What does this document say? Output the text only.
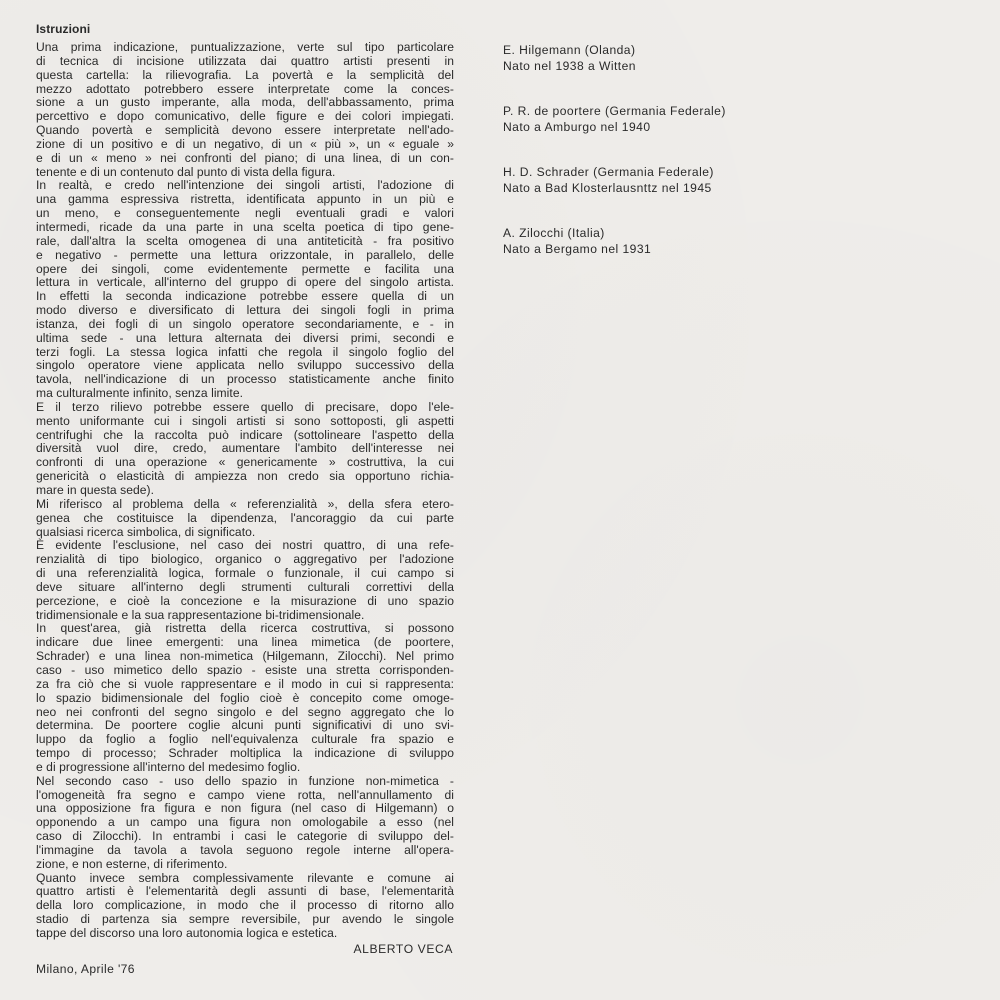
Istruzioni
Una prima indicazione, puntualizzazione, verte sul tipo particolare
di tecnica di incisione utilizzata dai quattro artisti presenti in
questa cartella: la rilievografia. La povertà e la semplicità del
mezzo adottato potrebbero essere interpretate come la conces-
sione a un gusto imperante, alla moda, dell'abbassamento, prima
percettivo e dopo comunicativo, delle figure e dei colori impiegati.
Quando povertà e semplicità devono essere interpretate nell'ado-
zione di un positivo e di un negativo, di un « più », un « eguale »
e di un « meno » nei confronti del piano; di una linea, di un con-
tenente e di un contenuto dal punto di vista della figura.
In realtà, e credo nell'intenzione dei singoli artisti, l'adozione di
una gamma espressiva ristretta, identificata appunto in un più e
un meno, e conseguentemente negli eventuali gradi e valori
intermedi, ricade da una parte in una scelta poetica di tipo gene-
rale, dall'altra la scelta omogenea di una antiteticità - fra positivo
e negativo - permette una lettura orizzontale, in parallelo, delle
opere dei singoli, come evidentemente permette e facilita una
lettura in verticale, all'interno del gruppo di opere del singolo artista.
In effetti la seconda indicazione potrebbe essere quella di un
modo diverso e diversificato di lettura dei singoli fogli in prima
istanza, dei fogli di un singolo operatore secondariamente, e - in
ultima sede - una lettura alternata dei diversi primi, secondi e
terzi fogli. La stessa logica infatti che regola il singolo foglio del
singolo operatore viene applicata nello sviluppo successivo della
tavola, nell'indicazione di un processo statisticamente anche finito
ma culturalmente infinito, senza limite.
E il terzo rilievo potrebbe essere quello di precisare, dopo l'ele-
mento uniformante cui i singoli artisti si sono sottoposti, gli aspetti
centrifughi che la raccolta può indicare (sottolineare l'aspetto della
diversità vuol dire, credo, aumentare l'ambito dell'interesse nei
confronti di una operazione « genericamente » costruttiva, la cui
genericità o elasticità di ampiezza non credo sia opportuno richia-
mare in questa sede).
Mi riferisco al problema della « referenzialità », della sfera etero-
genea che costituisce la dipendenza, l'ancoraggio da cui parte
qualsiasi ricerca simbolica, di significato.
È evidente l'esclusione, nel caso dei nostri quattro, di una refe-
renzialità di tipo biologico, organico o aggregativo per l'adozione
di una referenzialità logica, formale o funzionale, il cui campo si
deve situare all'interno degli strumenti culturali correttivi della
percezione, e cioè la concezione e la misurazione di uno spazio
tridimensionale e la sua rappresentazione bi-tridimensionale.
In quest'area, già ristretta della ricerca costruttiva, si possono
indicare due linee emergenti: una linea mimetica (de poortere,
Schrader) e una linea non-mimetica (Hilgemann, Zilocchi). Nel primo
caso - uso mimetico dello spazio - esiste una stretta corrisponden-
za fra ciò che si vuole rappresentare e il modo in cui si rappresenta:
lo spazio bidimensionale del foglio cioè è concepito come omoge-
neo nei confronti del segno singolo e del segno aggregato che lo
determina. De poortere coglie alcuni punti significativi di uno svi-
luppo da foglio a foglio nell'equivalenza culturale fra spazio e
tempo di processo; Schrader moltiplica la indicazione di sviluppo
e di progressione all'interno del medesimo foglio.
Nel secondo caso - uso dello spazio in funzione non-mimetica -
l'omogeneità fra segno e campo viene rotta, nell'annullamento di
una opposizione fra figura e non figura (nel caso di Hilgemann) o
opponendo a un campo una figura non omologabile a esso (nel
caso di Zilocchi). In entrambi i casi le categorie di sviluppo del-
l'immagine da tavola a tavola seguono regole interne all'opera-
zione, e non esterne, di riferimento.
Quanto invece sembra complessivamente rilevante e comune ai
quattro artisti è l'elementarità degli assunti di base, l'elementarità
della loro complicazione, in modo che il processo di ritorno allo
stadio di partenza sia sempre reversibile, pur avendo le singole
tappe del discorso una loro autonomia logica e estetica.
ALBERTO VECA
Milano, Aprile '76
E. Hilgemann (Olanda)
Nato nel 1938 a Witten
P. R. de poortere (Germania Federale)
Nato a Amburgo nel 1940
H. D. Schrader (Germania Federale)
Nato a Bad Klosterlausnttz nel 1945
A. Zilocchi (Italia)
Nato a Bergamo nel 1931
